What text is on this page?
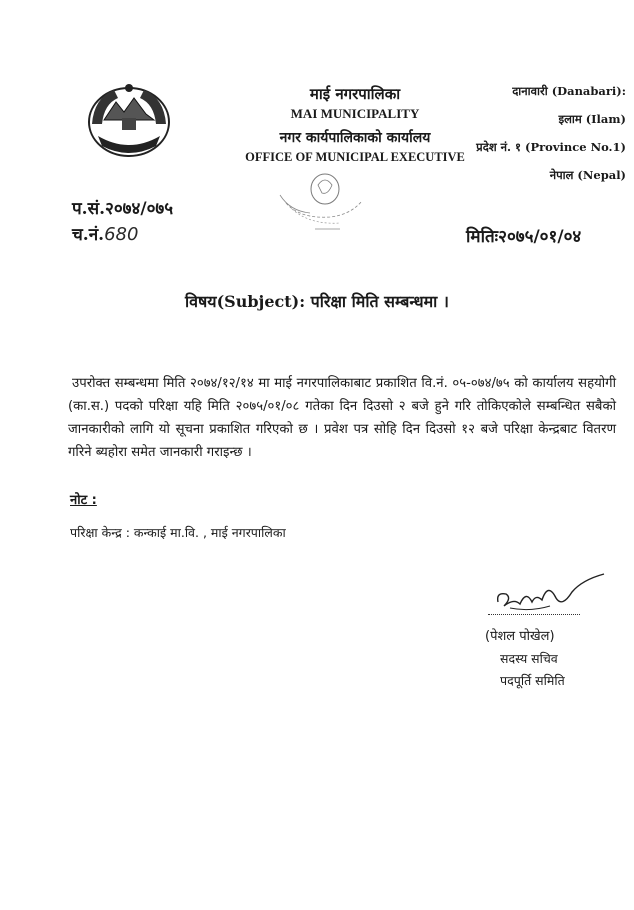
माई नगरपालिका
MAI MUNICIPALITY
नगर कार्यपालिकाको कार्यालय
OFFICE OF MUNICIPAL EXECUTIVE
दानावारी (Danabari):
इलाम (Ilam)
प्रदेश नं. १ (Province No.1)
नेपाल (Nepal)
प.सं.२०७४/०७५
च.नं.680	मितिः२०७५/०१/०४
विषय(Subject): परिक्षा मिति सम्बन्धमा ।
उपरोक्त सम्बन्धमा मिति २०७४/१२/१४ मा माई नगरपालिकाबाट प्रकाशित वि.नं. ०५-०७४/७५ को कार्यालय सहयोगी (का.स.) पदको परिक्षा यहि मिति २०७५/०१/०८ गतेका दिन दिउसो २ बजे हुने गरि तोकिएकोले सम्बन्धित सबैको जानकारीको लागि यो सूचना प्रकाशित गरिएको छ । प्रवेश पत्र सोहि दिन दिउसो १२ बजे परिक्षा केन्द्रबाट वितरण गरिने ब्यहोरा समेत जानकारी गराइन्छ ।
नोट :
परिक्षा केन्द्र : कन्काई मा.वि. , माई नगरपालिका
(पेशल पोखेल)
सदस्य सचिव
पदपूर्ति समिति
